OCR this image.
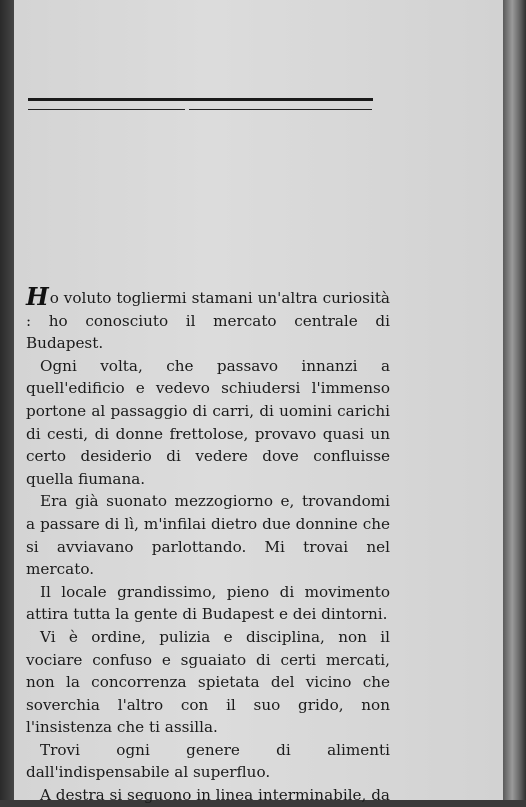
Ho voluto togliermi stamani un'altra curiosità : ho conosciuto il mercato centrale di Budapest.

Ogni volta, che passavo innanzi a quell'edificio e vedevo schiudersi l'immenso portone al passaggio di carri, di uomini carichi di cesti, di donne frettolose, provavo quasi un certo desiderio di vedere dove confluisse quella fiumana.

Era già suonato mezzogiorno e, trovandomi a passare di lì, m'infilai dietro due donnine che si avviavano parlottando. Mi trovai nel mercato.

Il locale grandissimo, pieno di movimento attira tutta la gente di Budapest e dei dintorni.

Vi è ordine, pulizia e disciplina, non il vociare confuso e sguaiato di certi mercati, non la concorrenza spietata del vicino che soverchia l'altro con il suo grido, non l'insistenza che ti assilla.

Trovi ogni genere di alimenti dall'indispensabile al superfluo.

A destra si seguono in linea interminabile, da
